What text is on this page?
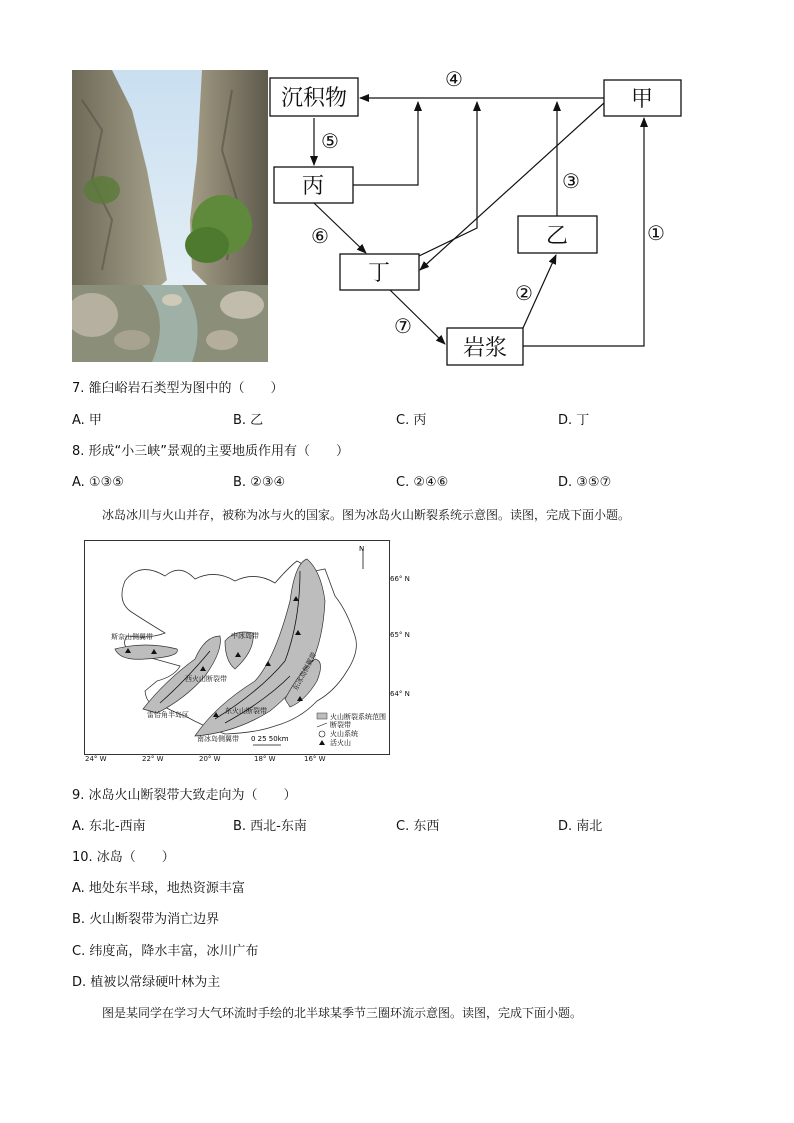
沉积物	甲
丙
乙
丁
岩浆
④
⑤
⑥
③
①
②
⑦
7. 雒臼峪岩石类型为图中的（　　）
A. 甲	B. 乙	C. 丙	D. 丁
8. 形成“小三峡”景观的主要地质作用有（　　）
A. ①③⑤	B. ②③④	C. ②④⑥	D. ③⑤⑦
冰岛冰川与火山并存，被称为冰与火的国家。图为冰岛火山断裂系统示意图。读图，完成下面小题。
N
斯奈山侧翼带	中冰岛带
西火山断裂带
雷恰角半岛区	东火山断裂带
南冰岛侧翼带
东冰岛侧翼带
火山断裂系统范围
断裂带
火山系统
活火山
0 25 50km
66° N
65° N
64° N
24° W	22° W	20° W	18° W	16° W
9. 冰岛火山断裂带大致走向为（　　）
A. 东北-西南	B. 西北-东南	C. 东西	D. 南北
10. 冰岛（　　）
A. 地处东半球，地热资源丰富
B. 火山断裂带为消亡边界
C. 纬度高，降水丰富，冰川广布
D. 植被以常绿硬叶林为主
图是某同学在学习大气环流时手绘的北半球某季节三圈环流示意图。读图，完成下面小题。
